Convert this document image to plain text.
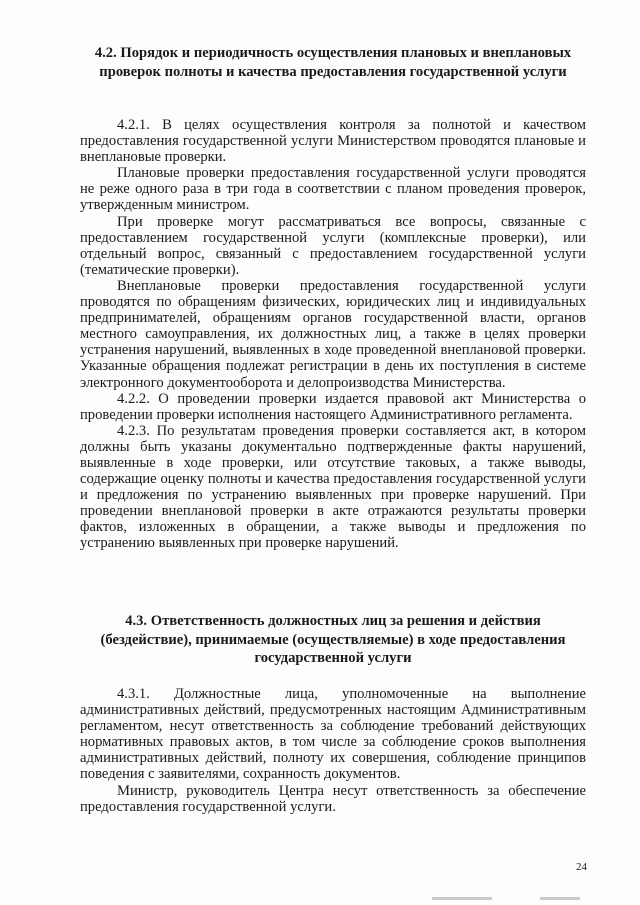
4.2. Порядок и периодичность осуществления плановых и внеплановых проверок полноты и качества предоставления государственной услуги

4.2.1. В целях осуществления контроля за полнотой и качеством предоставления государственной услуги Министерством проводятся плановые и внеплановые проверки.

Плановые проверки предоставления государственной услуги проводятся не реже одного раза в три года в соответствии с планом проведения проверок, утвержденным министром.

При проверке могут рассматриваться все вопросы, связанные с предоставлением государственной услуги (комплексные проверки), или отдельный вопрос, связанный с предоставлением государственной услуги (тематические проверки).

Внеплановые проверки предоставления государственной услуги проводятся по обращениям физических, юридических лиц и индивидуальных предпринимателей, обращениям органов государственной власти, органов местного самоуправления, их должностных лиц, а также в целях проверки устранения нарушений, выявленных в ходе проведенной внеплановой проверки. Указанные обращения подлежат регистрации в день их поступления в системе электронного документооборота и делопроизводства Министерства.

4.2.2. О проведении проверки издается правовой акт Министерства о проведении проверки исполнения настоящего Административного регламента.

4.2.3. По результатам проведения проверки составляется акт, в котором должны быть указаны документально подтвержденные факты нарушений, выявленные в ходе проверки, или отсутствие таковых, а также выводы, содержащие оценку полноты и качества предоставления государственной услуги и предложения по устранению выявленных при проверке нарушений. При проведении внеплановой проверки в акте отражаются результаты проверки фактов, изложенных в обращении, а также выводы и предложения по устранению выявленных при проверке нарушений.

4.3. Ответственность должностных лиц за решения и действия (бездействие), принимаемые (осуществляемые) в ходе предоставления государственной услуги

4.3.1. Должностные лица, уполномоченные на выполнение административных действий, предусмотренных настоящим Административным регламентом, несут ответственность за соблюдение требований действующих нормативных правовых актов, в том числе за соблюдение сроков выполнения административных действий, полноту их совершения, соблюдение принципов поведения с заявителями, сохранность документов.

Министр, руководитель Центра несут ответственность за обеспечение предоставления государственной услуги.

24
